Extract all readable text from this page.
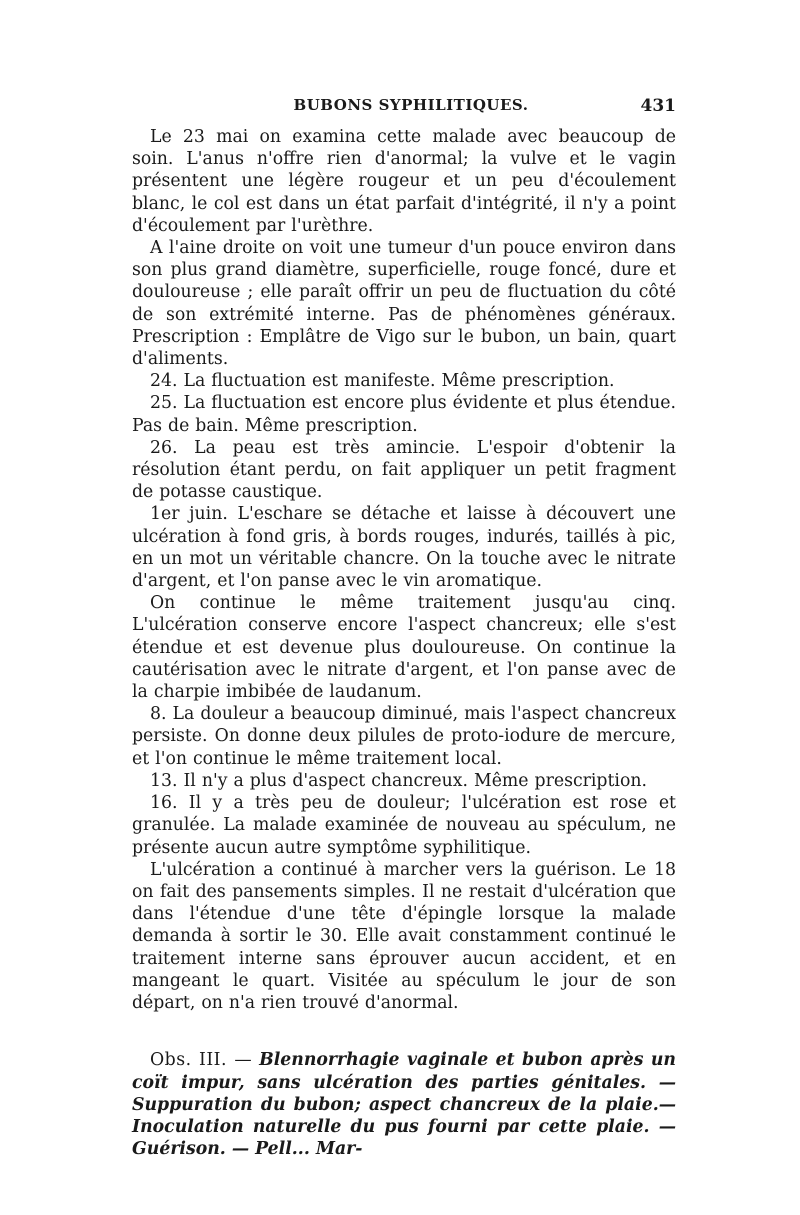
BUBONS SYPHILITIQUES.	431

Le 23 mai on examina cette malade avec beaucoup de soin. L'anus n'offre rien d'anormal; la vulve et le vagin présentent une légère rougeur et un peu d'écoulement blanc, le col est dans un état parfait d'intégrité, il n'y a point d'écoulement par l'urèthre.

A l'aine droite on voit une tumeur d'un pouce environ dans son plus grand diamètre, superficielle, rouge foncé, dure et douloureuse ; elle paraît offrir un peu de fluctuation du côté de son extrémité interne. Pas de phénomènes généraux. Prescription : Emplâtre de Vigo sur le bubon, un bain, quart d'aliments.

24. La fluctuation est manifeste. Même prescription.

25. La fluctuation est encore plus évidente et plus étendue. Pas de bain. Même prescription.

26. La peau est très amincie. L'espoir d'obtenir la résolution étant perdu, on fait appliquer un petit fragment de potasse caustique.

1er juin. L'eschare se détache et laisse à découvert une ulcération à fond gris, à bords rouges, indurés, taillés à pic, en un mot un véritable chancre. On la touche avec le nitrate d'argent, et l'on panse avec le vin aromatique.

On continue le même traitement jusqu'au cinq. L'ulcération conserve encore l'aspect chancreux; elle s'est étendue et est devenue plus douloureuse. On continue la cautérisation avec le nitrate d'argent, et l'on panse avec de la charpie imbibée de laudanum.

8. La douleur a beaucoup diminué, mais l'aspect chancreux persiste. On donne deux pilules de proto-iodure de mercure, et l'on continue le même traitement local.

13. Il n'y a plus d'aspect chancreux. Même prescription.

16. Il y a très peu de douleur; l'ulcération est rose et granulée. La malade examinée de nouveau au spéculum, ne présente aucun autre symptôme syphilitique.

L'ulcération a continué à marcher vers la guérison. Le 18 on fait des pansements simples. Il ne restait d'ulcération que dans l'étendue d'une tête d'épingle lorsque la malade demanda à sortir le 30. Elle avait constamment continué le traitement interne sans éprouver aucun accident, et en mangeant le quart. Visitée au spéculum le jour de son départ, on n'a rien trouvé d'anormal.

Obs. III. — Blennorrhagie vaginale et bubon après un coït impur, sans ulcération des parties génitales. — Suppuration du bubon; aspect chancreux de la plaie.—Inoculation naturelle du pus fourni par cette plaie. — Guérison. — Pell... Mar-
